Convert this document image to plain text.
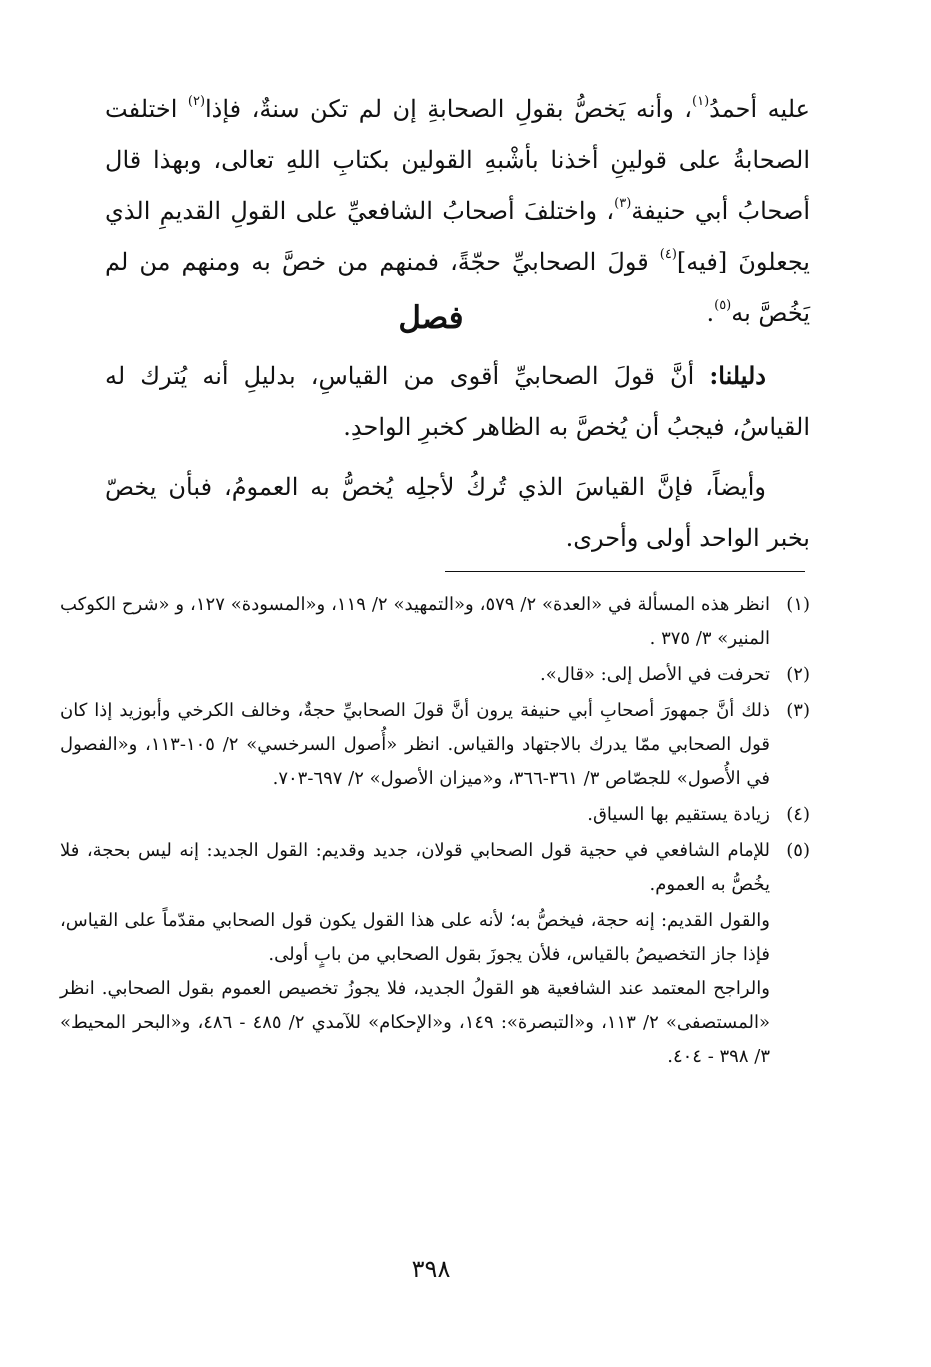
عليه أحمدُ$^{(١)}$، وأنه يَخصُّ بقولِ الصحابةِ إن لم تكن سنةٌ، فإذا$^{(٢)}$ اختلفت الصحابةُ على قولينِ أخذنا بأشْبهِ القولين بكتابِ اللهِ تعالى، وبهذا قال أصحابُ أبي حنيفة$^{(٣)}$، واختلفَ أصحابُ الشافعيِّ على القولِ القديمِ الذي يجعلونَ [فيه]$^{(٤)}$ قولَ الصحابيِّ حجّةً، فمنهم من خصَّ به ومنهم من لم يَخُصَّ به$^{(٥)}$.

فصل

دليلنا: أنَّ قولَ الصحابيِّ أقوى من القياسِ، بدليلِ أنه يُترك له القياسُ، فيجبُ أن يُخصَّ به الظاهر كخبرِ الواحدِ.

وأيضاً، فإنَّ القياسَ الذي تُركُ لأجلِه يُخصُّ به العمومُ، فبأن يخصّ بخبر الواحد أولى وأحرى.

(١)انظر هذه المسألة في «العدة» ٢/ ٥٧٩، و«التمهيد» ٢/ ١١٩، و«المسودة» ١٢٧، و «شرح الكوكب المنير» ٣/ ٣٧٥ .

(٢)تحرفت في الأصل إلى: «قال».

(٣)ذلك أنَّ جمهورَ أصحابِ أبي حنيفة يرون أنَّ قولَ الصحابيِّ حجةٌ، وخالف الكرخي وأبوزيد إذا كان قول الصحابي ممّا يدرك بالاجتهاد والقياس. انظر «أُصول السرخسي» ٢/ ١٠٥-١١٣، و«الفصول في الأُصول» للجصّاص ٣/ ٣٦١-٣٦٦، و«ميزان الأصول» ٢/ ٦٩٧-٧٠٣.

(٤)زيادة يستقيم بها السياق.

(٥)للإمام الشافعي في حجية قول الصحابي قولان، جديد وقديم: القول الجديد: إنه ليس بحجة، فلا يخُصُّ به العموم.

والقول القديم: إنه حجة، فيخصُّ به؛ لأنه على هذا القول يكون قول الصحابي مقدّماً على القياس، فإذا جاز التخصيصُ بالقياس، فلأن يجوزَ بقول الصحابي من بابٍ أولى.

والراجح المعتمد عند الشافعية هو القولُ الجديد، فلا يجوزُ تخصيص العموم بقول الصحابي. انظر «المستصفى» ٢/ ١١٣، و«التبصرة»: ١٤٩، و«الإحكام» للآمدي ٢/ ٤٨٥ - ٤٨٦، و«البحر المحيط» ٣/ ٣٩٨ - ٤٠٤.

٣٩٨
